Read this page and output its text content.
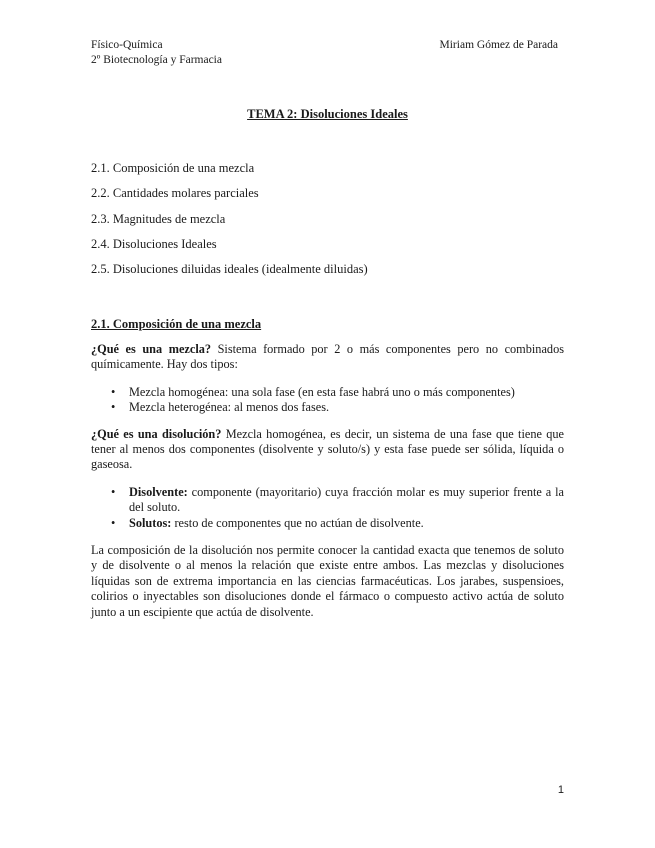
Físico-Química
2º Biotecnología y Farmacia
Miriam Gómez de Parada
TEMA 2: Disoluciones Ideales
2.1. Composición de una mezcla
2.2. Cantidades molares parciales
2.3. Magnitudes de mezcla
2.4. Disoluciones Ideales
2.5. Disoluciones diluidas ideales (idealmente diluidas)
2.1. Composición de una mezcla

¿Qué es una mezcla? Sistema formado por 2 o más componentes pero no combinados químicamente. Hay dos tipos:

• Mezcla homogénea: una sola fase (en esta fase habrá uno o más componentes)
• Mezcla heterogénea: al menos dos fases.

¿Qué es una disolución? Mezcla homogénea, es decir, un sistema de una fase que tiene que tener al menos dos componentes (disolvente y soluto/s) y esta fase puede ser sólida, líquida o gaseosa.

• Disolvente: componente (mayoritario) cuya fracción molar es muy superior frente a la del soluto.
• Solutos: resto de componentes que no actúan de disolvente.

La composición de la disolución nos permite conocer la cantidad exacta que tenemos de soluto y de disolvente o al menos la relación que existe entre ambos. Las mezclas y disoluciones líquidas son de extrema importancia en las ciencias farmacéuticas. Los jarabes, suspensioes, colirios o inyectables son disoluciones donde el fármaco o compuesto activo actúa de soluto junto a un escipiente que actúa de disolvente.

1
